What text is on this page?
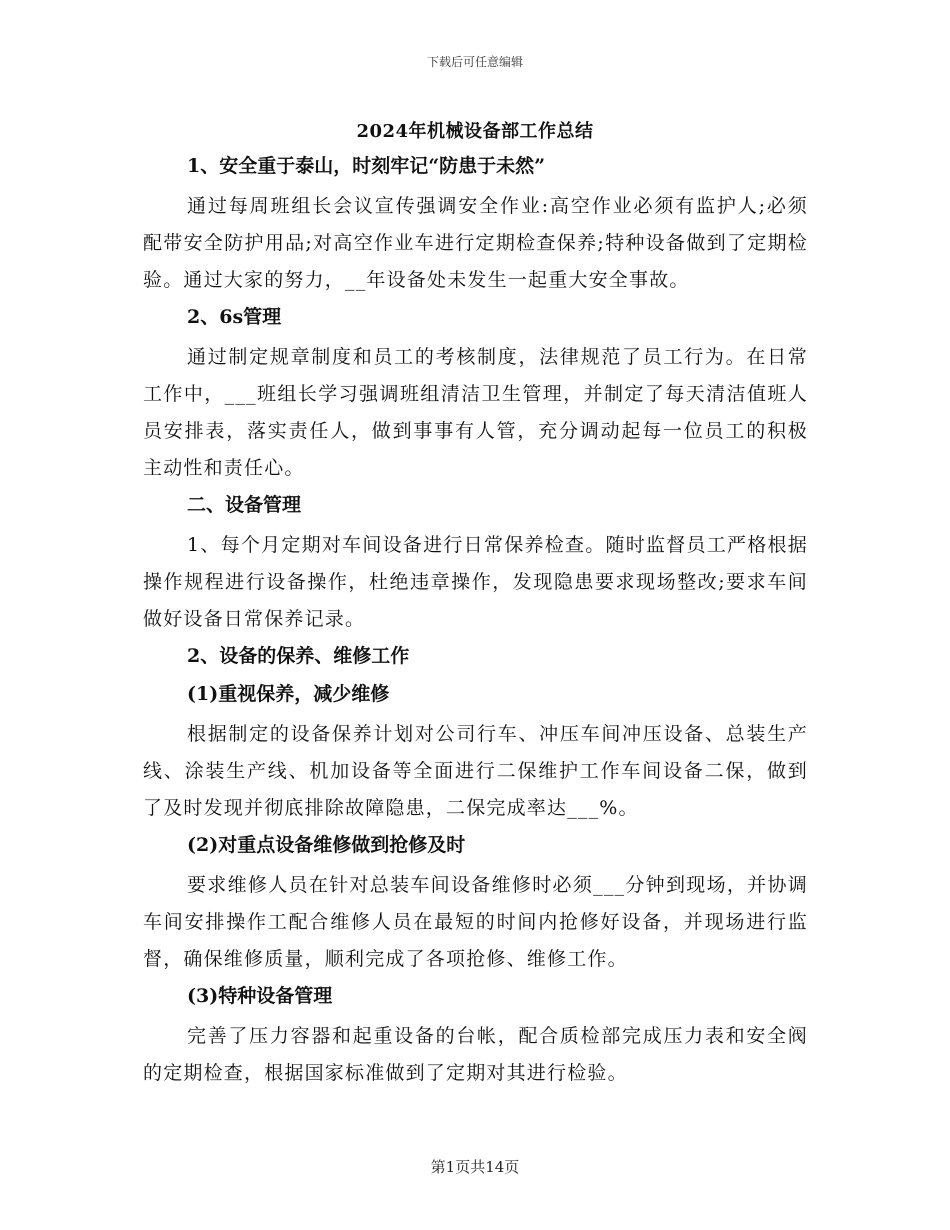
下载后可任意编辑
2024年机械设备部工作总结
1、安全重于泰山，时刻牢记“防患于未然”
通过每周班组长会议宣传强调安全作业:高空作业必须有监护人;必须配带安全防护用品;对高空作业车进行定期检查保养;特种设备做到了定期检验。通过大家的努力，__年设备处未发生一起重大安全事故。
2、6s管理
通过制定规章制度和员工的考核制度，法律规范了员工行为。在日常工作中，___班组长学习强调班组清洁卫生管理，并制定了每天清洁值班人员安排表，落实责任人，做到事事有人管，充分调动起每一位员工的积极主动性和责任心。
二、设备管理
1、每个月定期对车间设备进行日常保养检查。随时监督员工严格根据操作规程进行设备操作，杜绝违章操作，发现隐患要求现场整改;要求车间做好设备日常保养记录。
2、设备的保养、维修工作
(1)重视保养，减少维修
根据制定的设备保养计划对公司行车、冲压车间冲压设备、总装生产线、涂装生产线、机加设备等全面进行二保维护工作车间设备二保，做到了及时发现并彻底排除故障隐患，二保完成率达___%。
(2)对重点设备维修做到抢修及时
要求维修人员在针对总装车间设备维修时必须___分钟到现场，并协调车间安排操作工配合维修人员在最短的时间内抢修好设备，并现场进行监督，确保维修质量，顺利完成了各项抢修、维修工作。
(3)特种设备管理
完善了压力容器和起重设备的台帐，配合质检部完成压力表和安全阀的定期检查，根据国家标准做到了定期对其进行检验。
第1页共14页
